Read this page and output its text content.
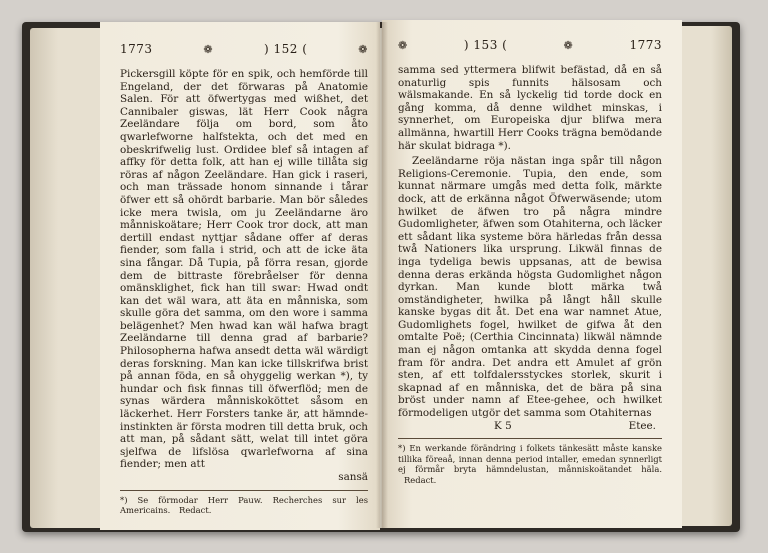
1773	❁	) 152 (	❁

Pickersgill köpte för en spik, och hemförde till Engeland, der det förwaras på Anatomie Salen. För att öfwertygas med wißhet, det Cannibaler giswas, lät Herr Cook några Zeeländare följa om bord, som åto qwarlefworne halfstekta, och det med en obeskrifwelig lust. Ordidee blef så intagen af affky för detta folk, att han ej wille tillåta sig röras af någon Zeeländare. Han gick i raseri, och man trässade honom sinnande i tårar öfwer ett så ohördt barbarie. Man bör således icke mera twisla, om ju Zeeländarne äro månniskoätare; Herr Cook tror dock, att man dertill endast nyttjar sådane offer af deras fiender, som falla i strid, och att de icke äta sina fångar. Då Tupia, på förra resan, gjorde dem de bittraste förebråelser för denna omänsklighet, fick han till swar: Hwad ondt kan det wäl wara, att äta en månniska, som skulle göra det samma, om den wore i samma belägenhet? Men hwad kan wäl hafwa bragt Zeeländarne till denna grad af barbarie? Philosopherna hafwa ansedt detta wäl wärdigt deras forskning. Man kan icke tillskrifwa brist på annan föda, en så ohyggelig werkan *), ty hundar och fisk finnas till öfwerflöd; men de synas wärdera månniskoköttet såsom en läckerhet. Herr Forsters tanke är, att hämnde-instinkten är första modren till detta bruk, och att man, på sådant sätt, welat till intet göra sjelfwa de lifslösa qwarlefworna af sina fiender; men att

sansä

*) Se förmodar Herr Pauw. Recherches sur les Americains. Redact.

❁	) 153 (	❁	1773

samma sed yttermera blifwit befästad, då en så onaturlig spis funnits hälsosam och wälsmakande. En så lyckelig tid torde dock en gång komma, då denne wildhet minskas, i synnerhet, om Europeiska djur blifwa mera allmänna, hwartill Herr Cooks trägna bemödande här skulat bidraga *).

Zeeländarne röja nästan inga spår till någon Religions-Ceremonie. Tupia, den ende, som kunnat närmare umgås med detta folk, märkte dock, att de erkänna något Öfwerwäsende; utom hwilket de äfwen tro på några mindre Gudomligheter, äfwen som Otahiterna, och läcker ett sådant lika systeme böra härledas från dessa twå Nationers lika ursprung. Likwäl finnas de inga tydeliga bewis uppsanas, att de bewisa denna deras erkända högsta Gudomlighet någon dyrkan. Man kunde blott märka twå omständigheter, hwilka på långt håll skulle kanske bygas dit åt. Det ena war namnet Atue, Gudomlighets fogel, hwilket de gifwa åt den omtalte Poë; (Certhia Cincinnata) likwäl nämnde man ej någon omtanka att skydda denna fogel fram för andra. Det andra ett Amulet af grön sten, af ett tolfdalersstyckes storlek, skurit i skapnad af en månniska, det de bära på sina bröst under namn af Etee-gehee, och hwilket förmodeligen utgör det samma som Otahiternas

K 5	Etee.

*) En werkande förändring i folkets tänkesätt måste kanske tillika föreaå, innan denna period intaller, emedan synnerligt ej förmår bryta hämndelustan, månniskoätandet häla. Redact.
